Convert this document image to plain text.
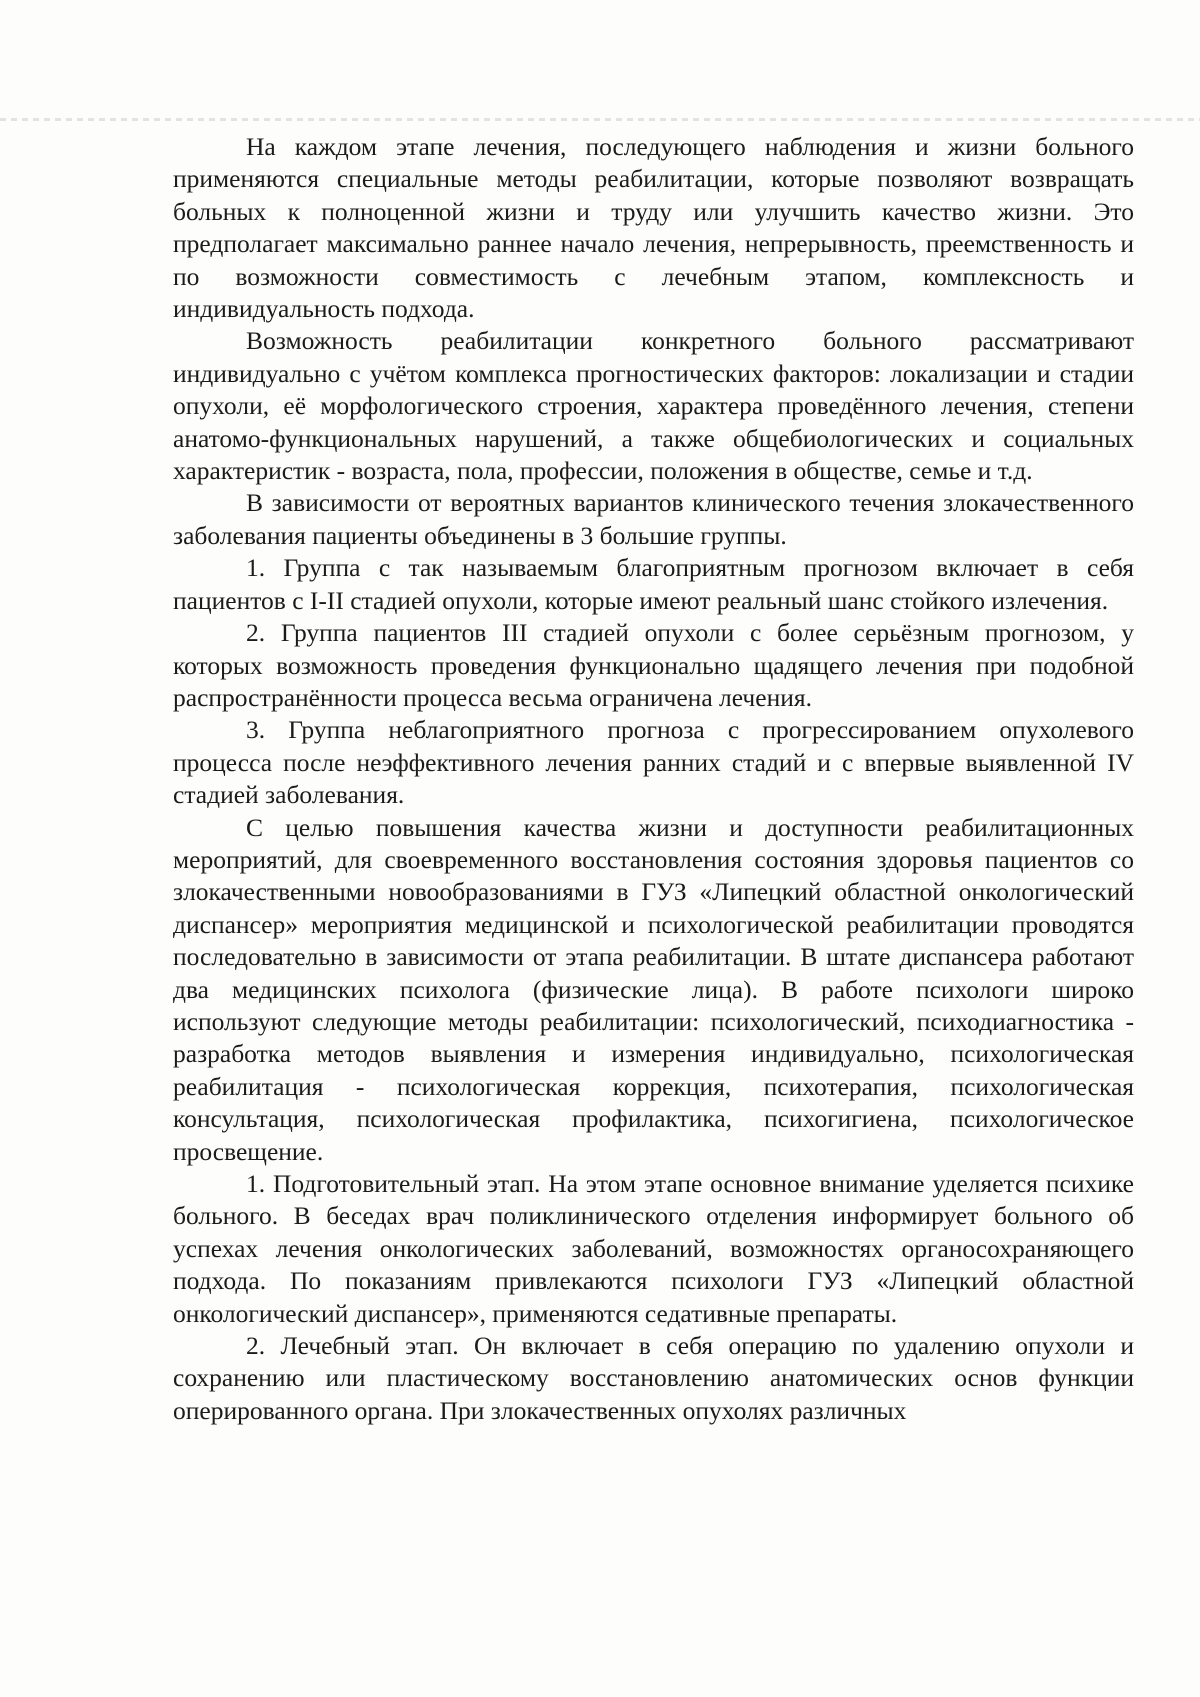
На каждом этапе лечения, последующего наблюдения и жизни больного применяются специальные методы реабилитации, которые позволяют возвращать больных к полноценной жизни и труду или улучшить качество жизни. Это предполагает максимально раннее начало лечения, непрерывность, преемственность и по возможности совместимость с лечебным этапом, комплексность и индивидуальность подхода.

Возможность реабилитации конкретного больного рассматривают индивидуально с учётом комплекса прогностических факторов: локализации и стадии опухоли, её морфологического строения, характера проведённого лечения, степени анатомо-функциональных нарушений, а также общебиологических и социальных характеристик - возраста, пола, профессии, положения в обществе, семье и т.д.

В зависимости от вероятных вариантов клинического течения злокачественного заболевания пациенты объединены в 3 большие группы.

1. Группа с так называемым благоприятным прогнозом включает в себя пациентов с I-II стадией опухоли, которые имеют реальный шанс стойкого излечения.

2. Группа пациентов III стадией опухоли с более серьёзным прогнозом, у которых возможность проведения функционально щадящего лечения при подобной распространённости процесса весьма ограничена лечения.

3. Группа неблагоприятного прогноза с прогрессированием опухолевого процесса после неэффективного лечения ранних стадий и с впервые выявленной IV стадией заболевания.

С целью повышения качества жизни и доступности реабилитационных мероприятий, для своевременного восстановления состояния здоровья пациентов со злокачественными новообразованиями в ГУЗ «Липецкий областной онкологический диспансер» мероприятия медицинской и психологической реабилитации проводятся последовательно в зависимости от этапа реабилитации. В штате диспансера работают два медицинских психолога (физические лица). В работе психологи широко используют следующие методы реабилитации: психологический, психодиагностика - разработка методов выявления и измерения индивидуально, психологическая реабилитация - психологическая коррекция, психотерапия, психологическая консультация, психологическая профилактика, психогигиена, психологическое просвещение.

1. Подготовительный этап. На этом этапе основное внимание уделяется психике больного. В беседах врач поликлинического отделения информирует больного об успехах лечения онкологических заболеваний, возможностях органосохраняющего подхода. По показаниям привлекаются психологи ГУЗ «Липецкий областной онкологический диспансер», применяются седативные препараты.

2. Лечебный этап. Он включает в себя операцию по удалению опухоли и сохранению или пластическому восстановлению анатомических основ функции оперированного органа. При злокачественных опухолях различных
